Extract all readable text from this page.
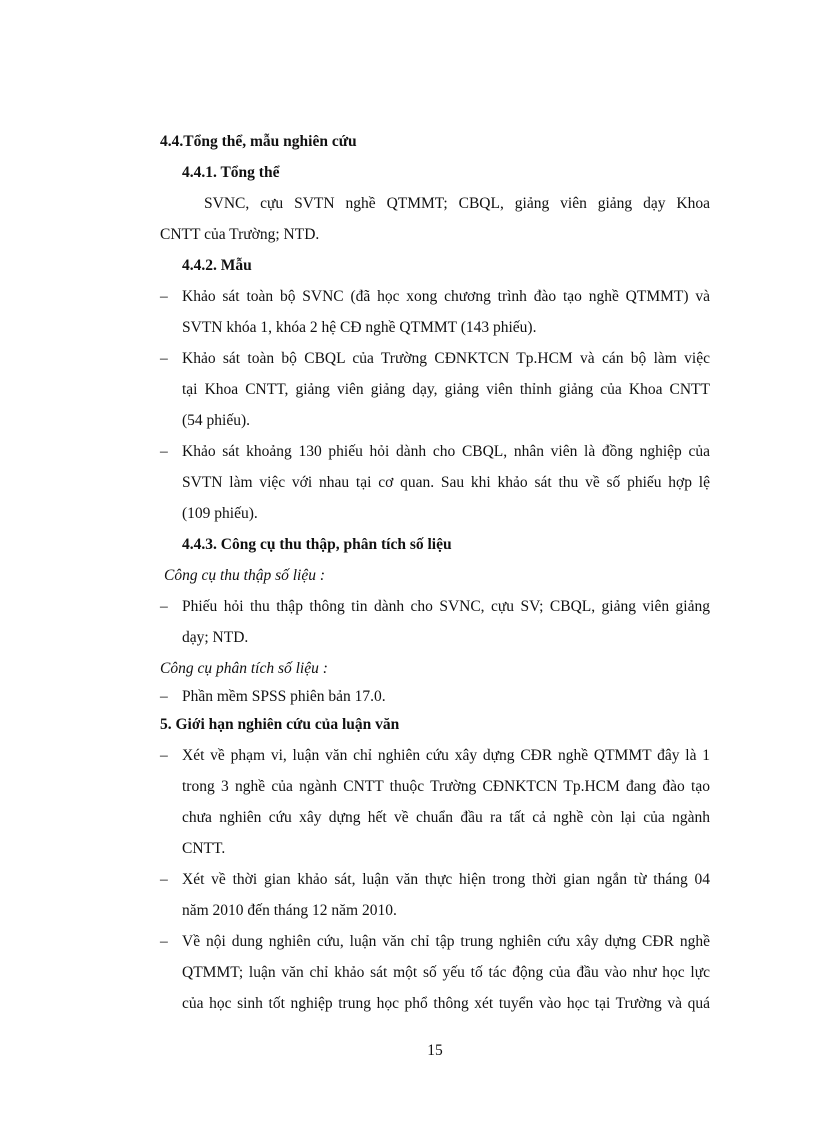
4.4.Tổng thể, mẫu nghiên cứu
4.4.1. Tổng thể
SVNC, cựu SVTN nghề QTMMT; CBQL, giảng viên giảng dạy Khoa
CNTT của Trường; NTD.
4.4.2. Mẫu
– Khảo sát toàn bộ SVNC (đã học xong chương trình đào tạo nghề QTMMT) và
SVTN khóa 1, khóa 2 hệ CĐ nghề QTMMT (143 phiếu).
– Khảo sát toàn bộ CBQL của Trường CĐNKTCN Tp.HCM và cán bộ làm việc
tại Khoa CNTT, giảng viên giảng dạy, giảng viên thỉnh giảng của Khoa CNTT
(54 phiếu).
– Khảo sát khoảng 130 phiếu hỏi dành cho CBQL, nhân viên là đồng nghiệp của
SVTN làm việc với nhau tại cơ quan. Sau khi khảo sát thu về số phiếu hợp lệ
(109 phiếu).
4.4.3. Công cụ thu thập, phân tích số liệu
Công cụ thu thập số liệu :
– Phiếu hỏi thu thập thông tin dành cho SVNC, cựu SV; CBQL, giảng viên giảng
dạy; NTD.
Công cụ phân tích số liệu :
– Phần mềm SPSS phiên bản 17.0.
5. Giới hạn nghiên cứu của luận văn
– Xét về phạm vi, luận văn chỉ nghiên cứu xây dựng CĐR nghề QTMMT đây là 1
trong 3 nghề của ngành CNTT thuộc Trường CĐNKTCN Tp.HCM đang đào tạo
chưa nghiên cứu xây dựng hết về chuẩn đầu ra tất cả nghề còn lại của ngành
CNTT.
– Xét về thời gian khảo sát, luận văn thực hiện trong thời gian ngắn từ tháng 04
năm 2010 đến tháng 12 năm 2010.
– Về nội dung nghiên cứu, luận văn chỉ tập trung nghiên cứu xây dựng CĐR nghề
QTMMT; luận văn chỉ khảo sát một số yếu tố tác động của đầu vào như học lực
của học sinh tốt nghiệp trung học phổ thông xét tuyển vào học tại Trường và quá
15
